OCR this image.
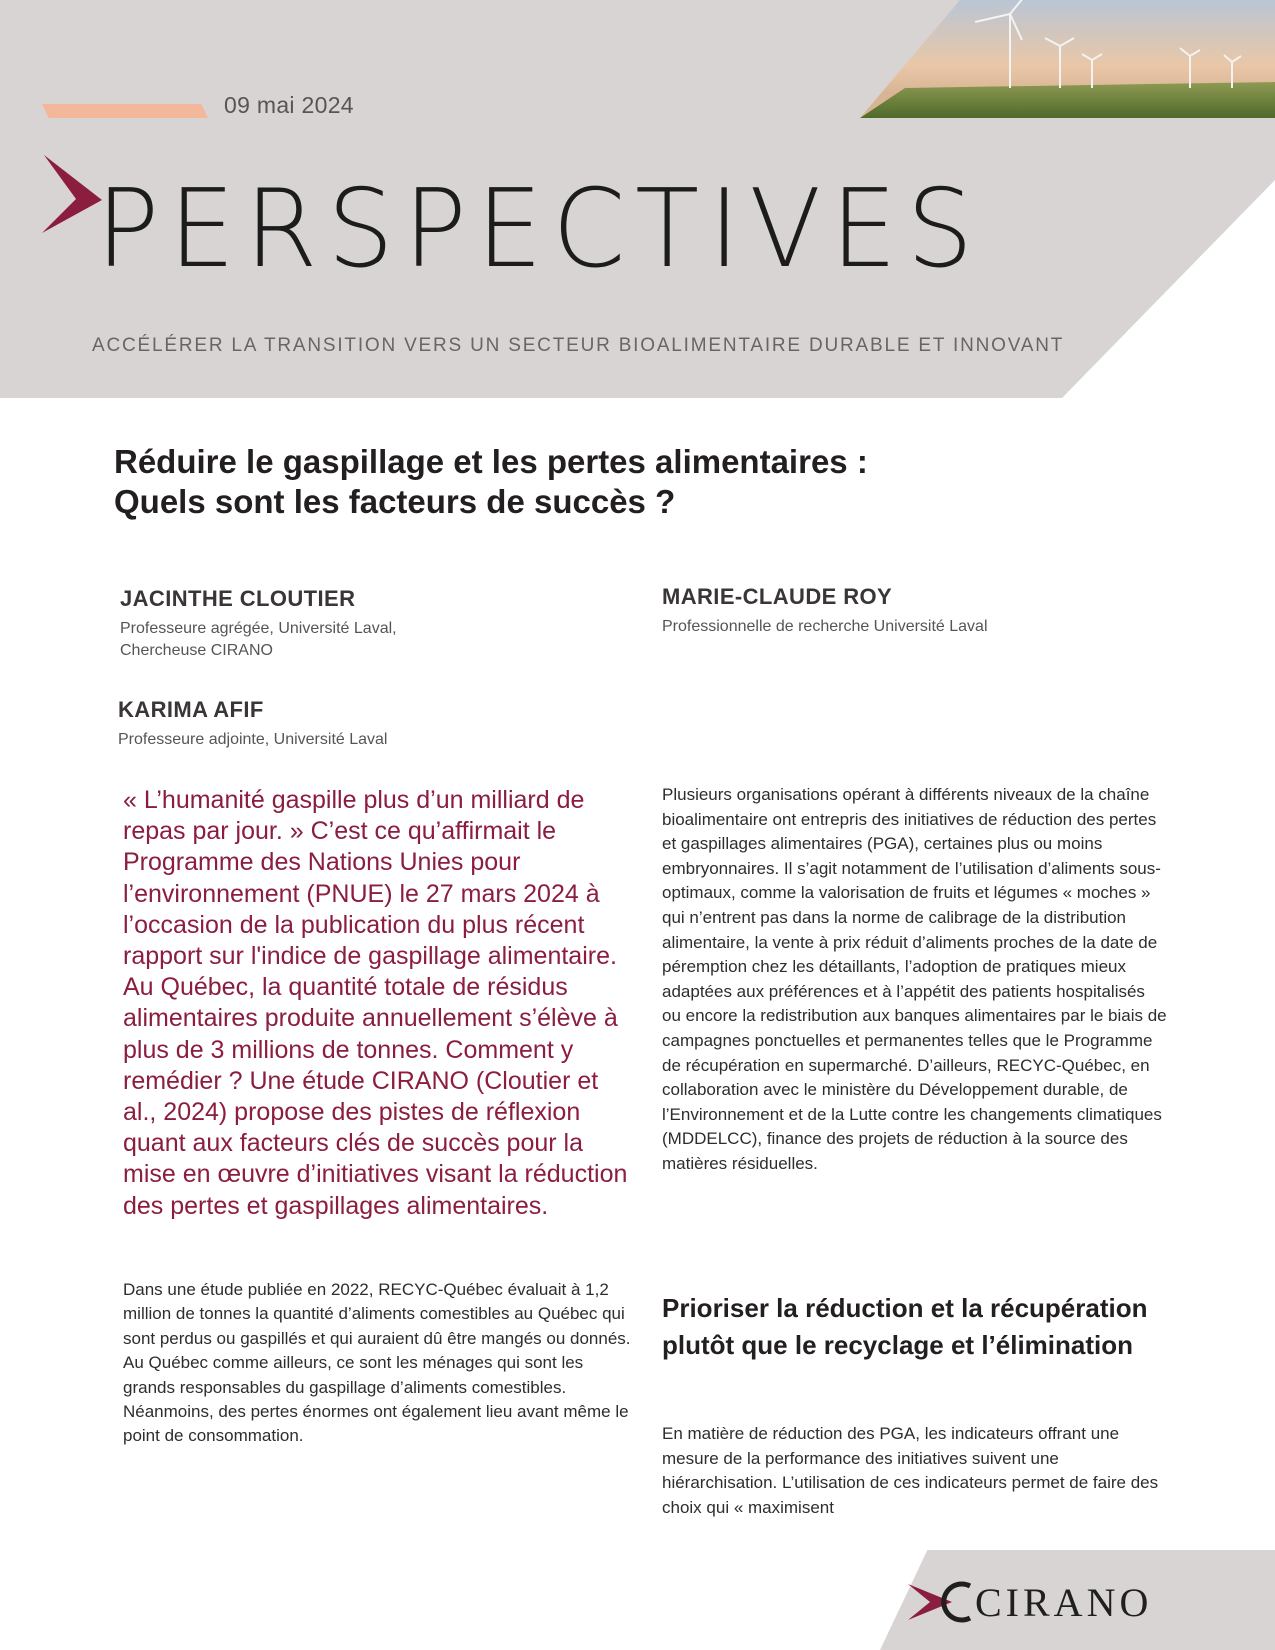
09 mai 2024
PERSPECTIVES
ACCÉLÉRER LA TRANSITION VERS UN SECTEUR BIOALIMENTAIRE DURABLE ET INNOVANT
Réduire le gaspillage et les pertes alimentaires :
Quels sont les facteurs de succès ?
JACINTHE CLOUTIER
Professeure agrégée, Université Laval,
Chercheuse CIRANO
MARIE-CLAUDE ROY
Professionnelle de recherche Université Laval
KARIMA AFIF
Professeure adjointe, Université Laval

« L’humanité gaspille plus d’un milliard de repas par jour. » C’est ce qu’affirmait le Programme des Nations Unies pour l’environnement (PNUE) le 27 mars 2024 à l’occasion de la publication du plus récent rapport sur l'indice de gaspillage alimentaire. Au Québec, la quantité totale de résidus alimentaires produite annuellement s’élève à plus de 3 millions de tonnes. Comment y remédier ? Une étude CIRANO (Cloutier et al., 2024) propose des pistes de réflexion quant aux facteurs clés de succès pour la mise en œuvre d’initiatives visant la réduction des pertes et gaspillages alimentaires.

Dans une étude publiée en 2022, RECYC-Québec évaluait à 1,2 million de tonnes la quantité d’aliments comestibles au Québec qui sont perdus ou gaspillés et qui auraient dû être mangés ou donnés. Au Québec comme ailleurs, ce sont les ménages qui sont les grands responsables du gaspillage d’aliments comestibles. Néanmoins, des pertes énormes ont également lieu avant même le point de consommation.

Plusieurs organisations opérant à différents niveaux de la chaîne bioalimentaire ont entrepris des initiatives de réduction des pertes et gaspillages alimentaires (PGA), certaines plus ou moins embryonnaires. Il s’agit notamment de l’utilisation d’aliments sous-optimaux, comme la valorisation de fruits et légumes « moches » qui n’entrent pas dans la norme de calibrage de la distribution alimentaire, la vente à prix réduit d’aliments proches de la date de péremption chez les détaillants, l’adoption de pratiques mieux adaptées aux préférences et à l’appétit des patients hospitalisés ou encore la redistribution aux banques alimentaires par le biais de campagnes ponctuelles et permanentes telles que le Programme de récupération en supermarché. D’ailleurs, RECYC-Québec, en collaboration avec le ministère du Développement durable, de l’Environnement et de la Lutte contre les changements climatiques (MDDELCC), finance des projets de réduction à la source des matières résiduelles.

Prioriser la réduction et la récupération plutôt que le recyclage et l’élimination

En matière de réduction des PGA, les indicateurs offrant une mesure de la performance des initiatives suivent une hiérarchisation. L’utilisation de ces indicateurs permet de faire des choix qui « maximisent

CIRANO
